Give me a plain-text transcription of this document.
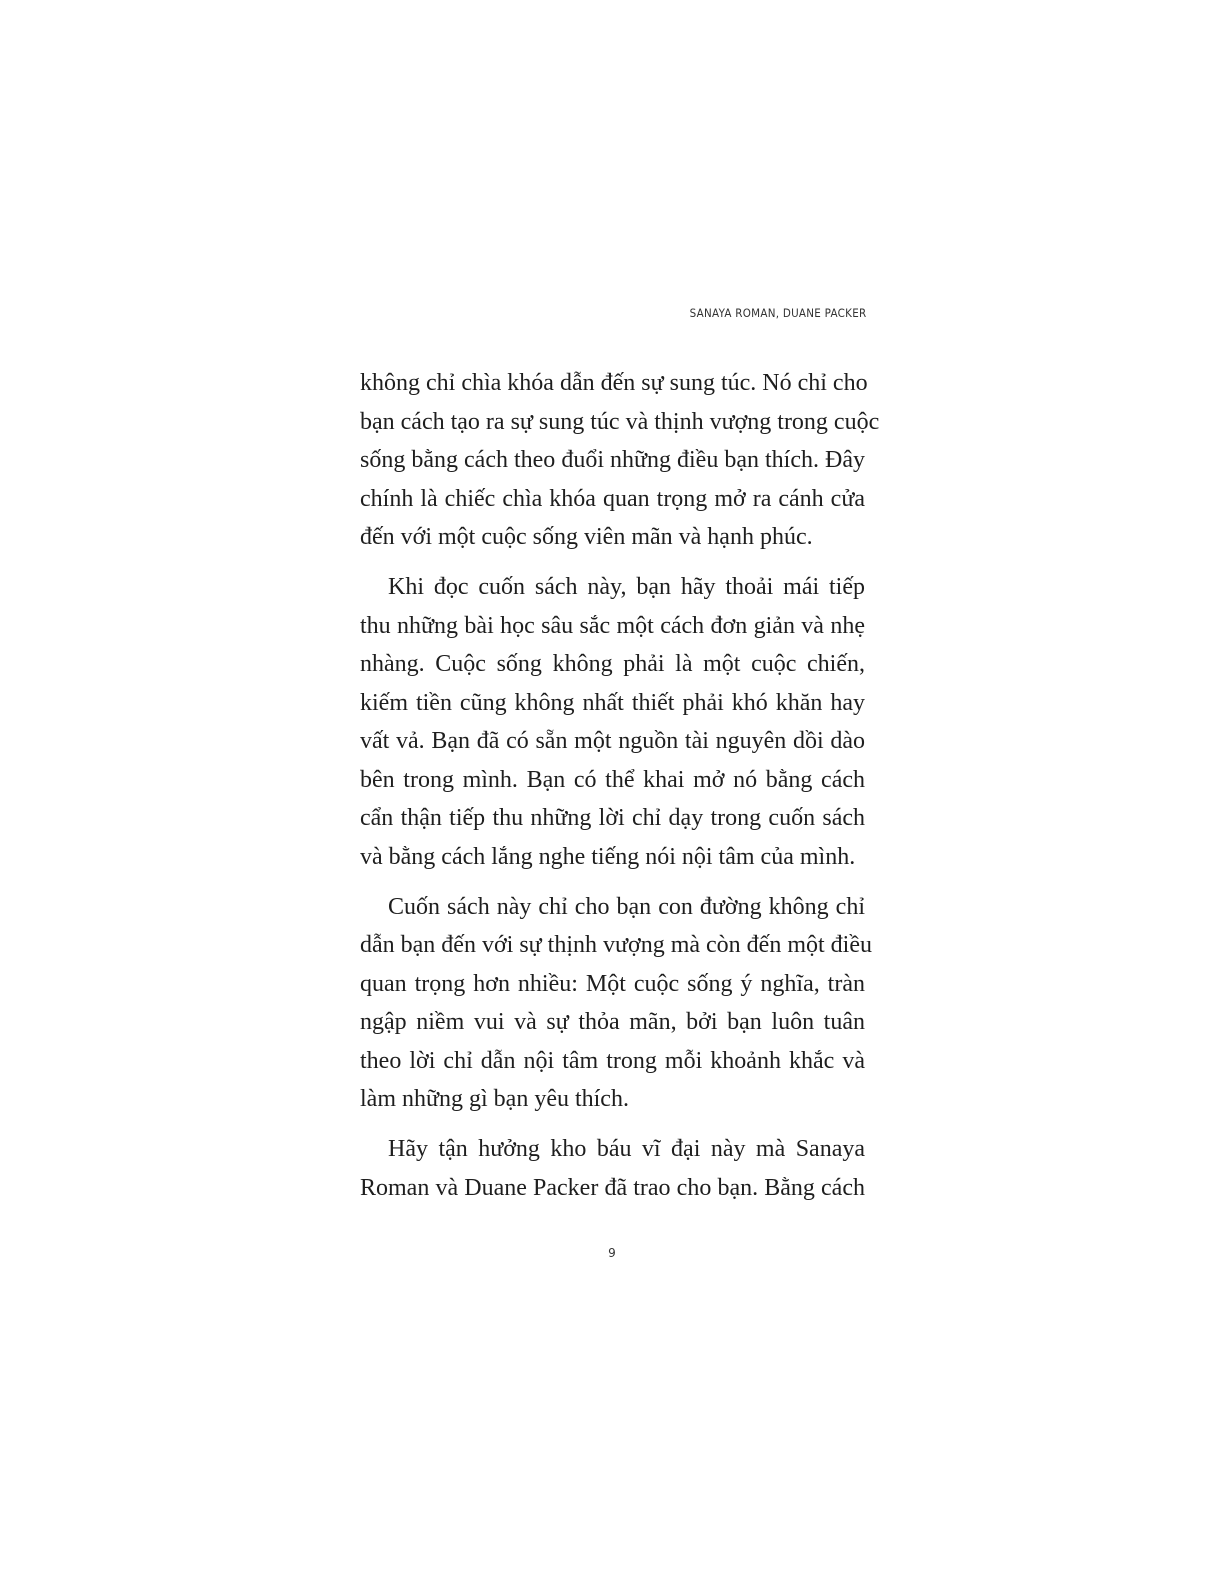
SANAYA ROMAN, DUANE PACKER

không chỉ chìa khóa dẫn đến sự sung túc. Nó chỉ cho
bạn cách tạo ra sự sung túc và thịnh vượng trong cuộc
sống bằng cách theo đuổi những điều bạn thích. Đây
chính là chiếc chìa khóa quan trọng mở ra cánh cửa
đến với một cuộc sống viên mãn và hạnh phúc.

Khi đọc cuốn sách này, bạn hãy thoải mái tiếp
thu những bài học sâu sắc một cách đơn giản và nhẹ
nhàng. Cuộc sống không phải là một cuộc chiến,
kiếm tiền cũng không nhất thiết phải khó khăn hay
vất vả. Bạn đã có sẵn một nguồn tài nguyên dồi dào
bên trong mình. Bạn có thể khai mở nó bằng cách
cẩn thận tiếp thu những lời chỉ dạy trong cuốn sách
và bằng cách lắng nghe tiếng nói nội tâm của mình.

Cuốn sách này chỉ cho bạn con đường không chỉ
dẫn bạn đến với sự thịnh vượng mà còn đến một điều
quan trọng hơn nhiều: Một cuộc sống ý nghĩa, tràn
ngập niềm vui và sự thỏa mãn, bởi bạn luôn tuân
theo lời chỉ dẫn nội tâm trong mỗi khoảnh khắc và
làm những gì bạn yêu thích.

Hãy tận hưởng kho báu vĩ đại này mà Sanaya
Roman và Duane Packer đã trao cho bạn. Bằng cách

9
